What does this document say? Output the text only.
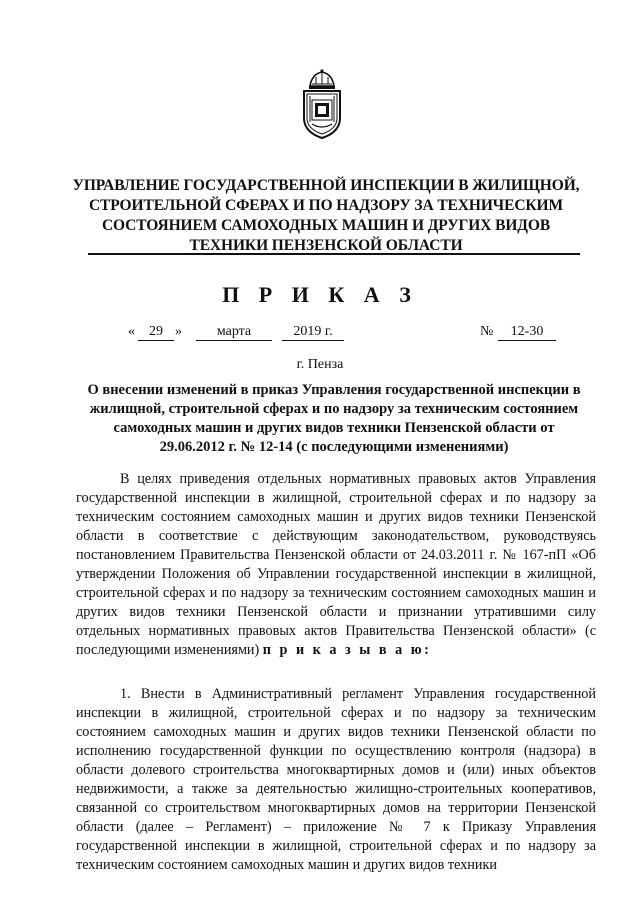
УПРАВЛЕНИЕ ГОСУДАРСТВЕННОЙ ИНСПЕКЦИИ В ЖИЛИЩНОЙ,
СТРОИТЕЛЬНОЙ СФЕРАХ И ПО НАДЗОРУ ЗА ТЕХНИЧЕСКИМ
СОСТОЯНИЕМ САМОХОДНЫХ МАШИН И ДРУГИХ ВИДОВ
ТЕХНИКИ ПЕНЗЕНСКОЙ ОБЛАСТИ
П Р И К А З
«	29 »	марта	2019 г.	№	12-30
г. Пенза
О внесении изменений в приказ Управления государственной инспекции в
жилищной, строительной сферах и по надзору за техническим состоянием
самоходных машин и других видов техники Пензенской области от
29.06.2012 г. № 12-14 (с последующими изменениями)
В целях приведения отдельных нормативных правовых актов Управления государственной инспекции в жилищной, строительной сферах и по надзору за техническим состоянием самоходных машин и других видов техники Пензенской области в соответствие с действующим законодательством, руководствуясь постановлением Правительства Пензенской области от 24.03.2011 г. № 167-пП «Об утверждении Положения об Управлении государственной инспекции в жилищной, строительной сферах и по надзору за техническим состоянием самоходных машин и других видов техники Пензенской области и признании утратившими силу отдельных нормативных правовых актов Правительства Пензенской области» (с последующими изменениями) п р и к а з ы в а ю:
1. Внести в Административный регламент Управления государственной инспекции в жилищной, строительной сферах и по надзору за техническим состоянием самоходных машин и других видов техники Пензенской области по исполнению государственной функции по осуществлению контроля (надзора) в области долевого строительства многоквартирных домов и (или) иных объектов недвижимости, а также за деятельностью жилищно-строительных кооперативов, связанной со строительством многоквартирных домов на территории Пензенской области (далее – Регламент) – приложение № 7 к Приказу Управления государственной инспекции в жилищной, строительной сферах и по надзору за техническим состоянием самоходных машин и других видов техники
